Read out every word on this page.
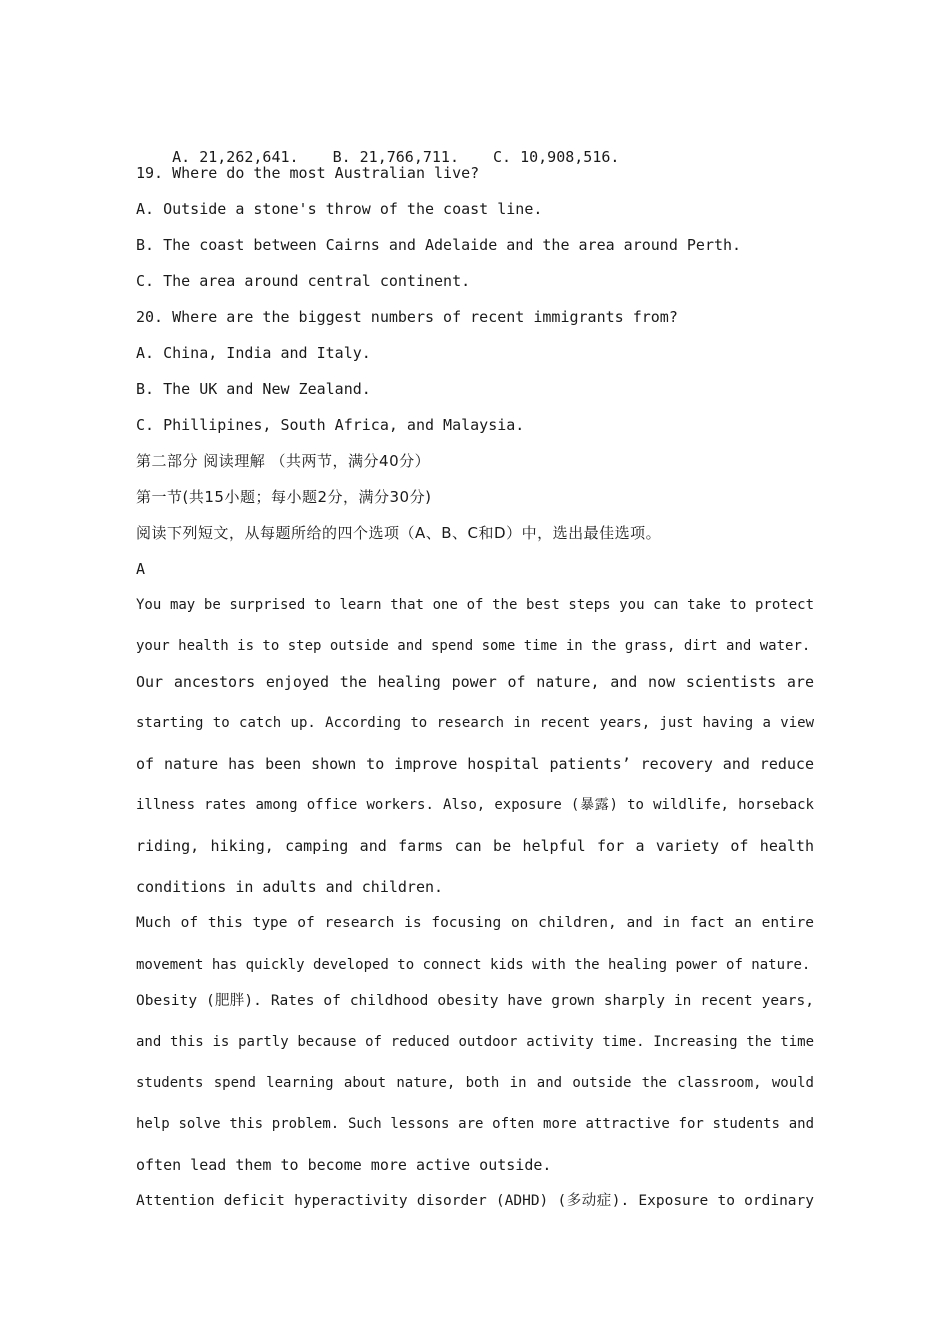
A. 21,262,641. B. 21,766,711. C. 10,908,516.

19. Where do the most Australian live?
A. Outside a stone's throw of the coast line.
B. The coast between Cairns and Adelaide and the area around Perth.
C. The area around central continent.
20. Where are the biggest numbers of recent immigrants from?
A. China, India and Italy.
B. The UK and New Zealand.
C. Phillipines, South Africa, and Malaysia.
第二部分 阅读理解 （共两节，满分40分）
第一节(共15小题；每小题2分，满分30分)
阅读下列短文，从每题所给的四个选项（A、B、C和D）中，选出最佳选项。
A
You may be surprised to learn that one of the best steps you can take to protect
your health is to step outside and spend some time in the grass, dirt and water.
Our ancestors enjoyed the healing power of nature, and now scientists are
starting to catch up. According to research in recent years, just having a view
of nature has been shown to improve hospital patients’ recovery and reduce
illness rates among office workers. Also, exposure (暴露) to wildlife, horseback
riding, hiking, camping and farms can be helpful for a variety of health
conditions in adults and children.
Much of this type of research is focusing on children, and in fact an entire
movement has quickly developed to connect kids with the healing power of nature.
Obesity (肥胖). Rates of childhood obesity have grown sharply in recent years,
and this is partly because of reduced outdoor activity time. Increasing the time
students spend learning about nature, both in and outside the classroom, would
help solve this problem. Such lessons are often more attractive for students and
often lead them to become more active outside.
Attention deficit hyperactivity disorder (ADHD) (多动症). Exposure to ordinary
